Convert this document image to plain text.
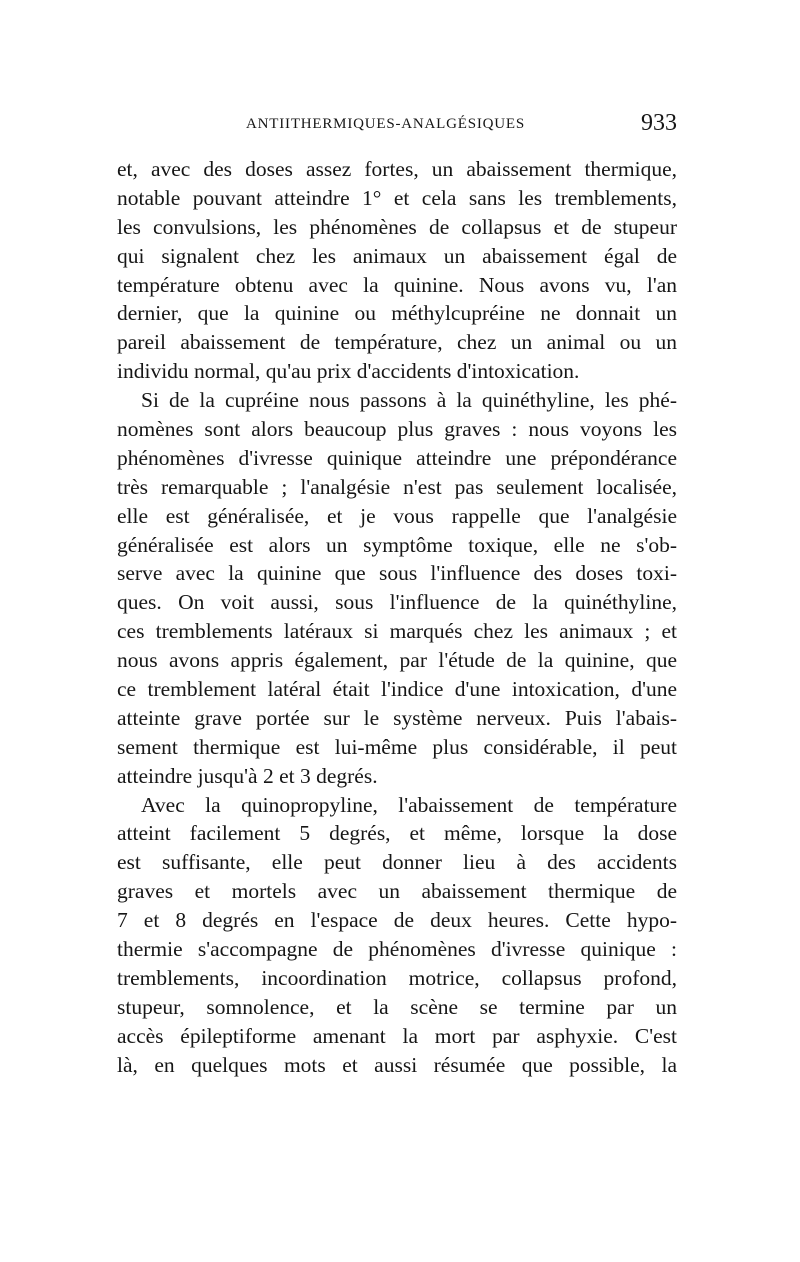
ANTIITHERMIQUES-ANALGÉSIQUES	933

et, avec des doses assez fortes, un abaissement thermique,
notable pouvant atteindre 1° et cela sans les tremblements,
les convulsions, les phénomènes de collapsus et de stupeur
qui signalent chez les animaux un abaissement égal de
température obtenu avec la quinine. Nous avons vu, l'an
dernier, que la quinine ou méthylcupréine ne donnait un
pareil abaissement de température, chez un animal ou un
individu normal, qu'au prix d'accidents d'intoxication.

Si de la cupréine nous passons à la quinéthyline, les phé-
nomènes sont alors beaucoup plus graves : nous voyons les
phénomènes d'ivresse quinique atteindre une prépondérance
très remarquable ; l'analgésie n'est pas seulement localisée,
elle est généralisée, et je vous rappelle que l'analgésie
généralisée est alors un symptôme toxique, elle ne s'ob-
serve avec la quinine que sous l'influence des doses toxi-
ques. On voit aussi, sous l'influence de la quinéthyline,
ces tremblements latéraux si marqués chez les animaux ; et
nous avons appris également, par l'étude de la quinine, que
ce tremblement latéral était l'indice d'une intoxication, d'une
atteinte grave portée sur le système nerveux. Puis l'abais-
sement thermique est lui-même plus considérable, il peut
atteindre jusqu'à 2 et 3 degrés.

Avec la quinopropyline, l'abaissement de température
atteint facilement 5 degrés, et même, lorsque la dose
est suffisante, elle peut donner lieu à des accidents
graves et mortels avec un abaissement thermique de
7 et 8 degrés en l'espace de deux heures. Cette hypo-
thermie s'accompagne de phénomènes d'ivresse quinique :
tremblements, incoordination motrice, collapsus profond,
stupeur, somnolence, et la scène se termine par un
accès épileptiforme amenant la mort par asphyxie. C'est
là, en quelques mots et aussi résumée que possible, la
